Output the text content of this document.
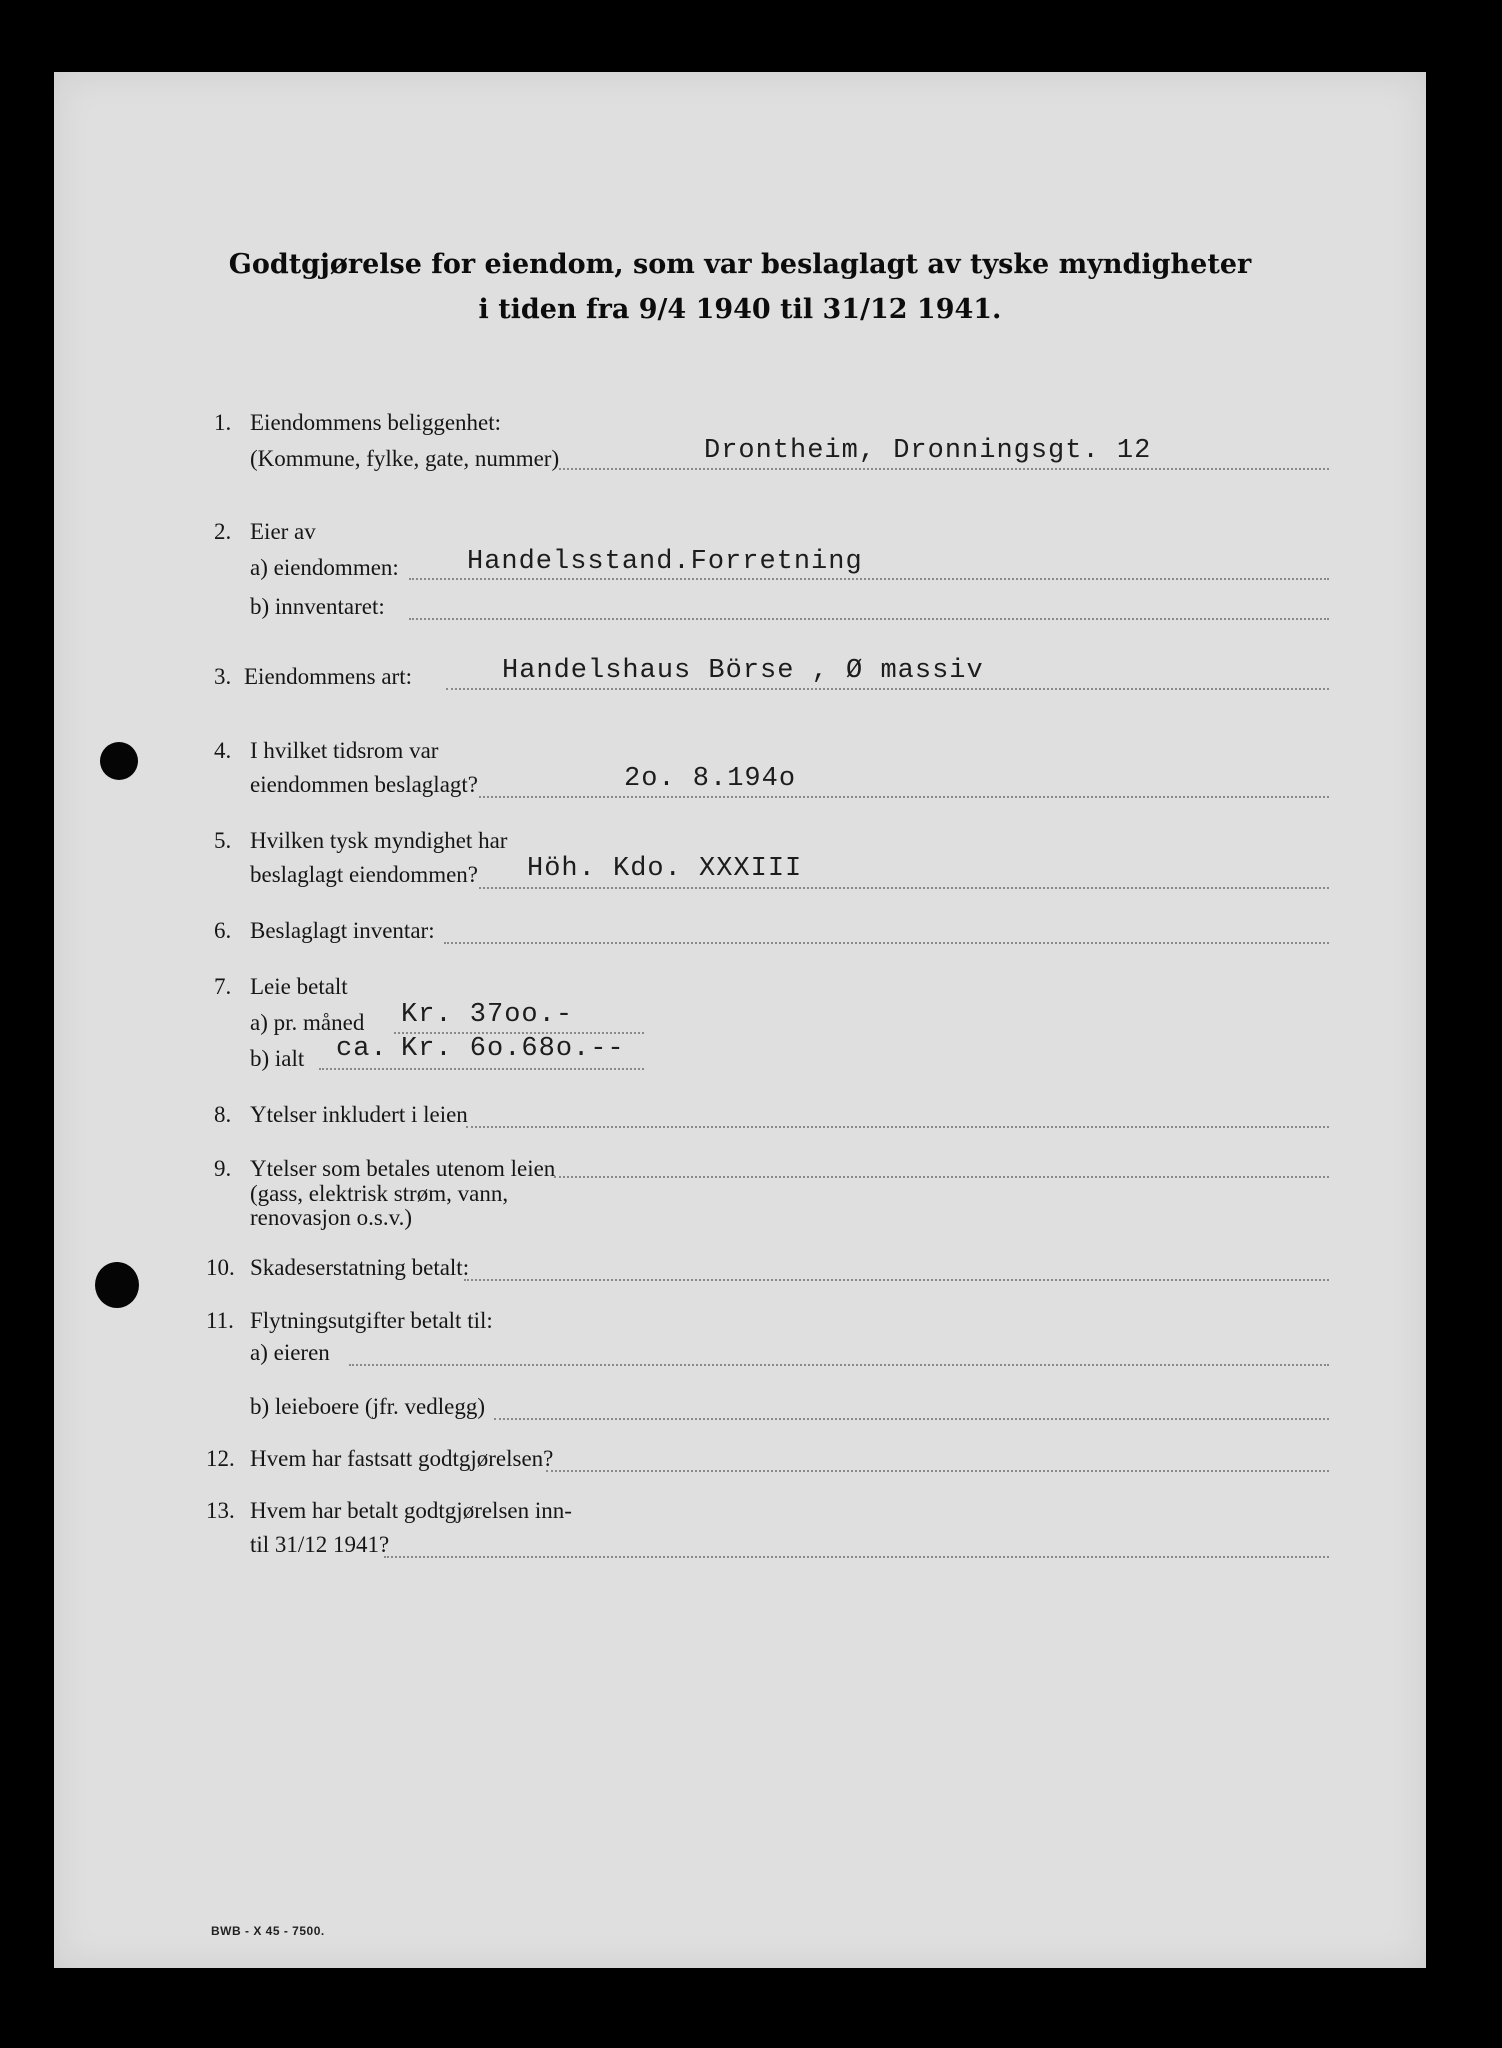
Godtgjørelse for eiendom, som var beslaglagt av tyske myndigheter
i tiden fra 9/4 1940 til 31/12 1941.
1. Eiendommens beliggenhet:
(Kommune, fylke, gate, nummer)	Drontheim, Dronningsgt. 12
2. Eier av
a) eiendommen:	Handelsstand.Forretning
b) innventaret:
3. Eiendommens art:	Handelshaus Börse , Ø massiv
4. I hvilket tidsrom var
eiendommen beslaglagt?	2o. 8.194o
5. Hvilken tysk myndighet har
beslaglagt eiendommen? Höh. Kdo. XXXIII
6. Beslaglagt inventar:
7. Leie betalt
a) pr. måned Kr. 37oo.-
b) ialt ca. Kr. 6o.68o.--
8. Ytelser inkludert i leien
9. Ytelser som betales utenom leien
(gass, elektrisk strøm, vann,
renovasjon o.s.v.)
10. Skadeserstatning betalt:
11. Flytningsutgifter betalt til:
a) eieren
b) leieboere (jfr. vedlegg)
12. Hvem har fastsatt godtgjørelsen?
13. Hvem har betalt godtgjørelsen inn-
til 31/12 1941?
BWB - X 45 - 7500.
